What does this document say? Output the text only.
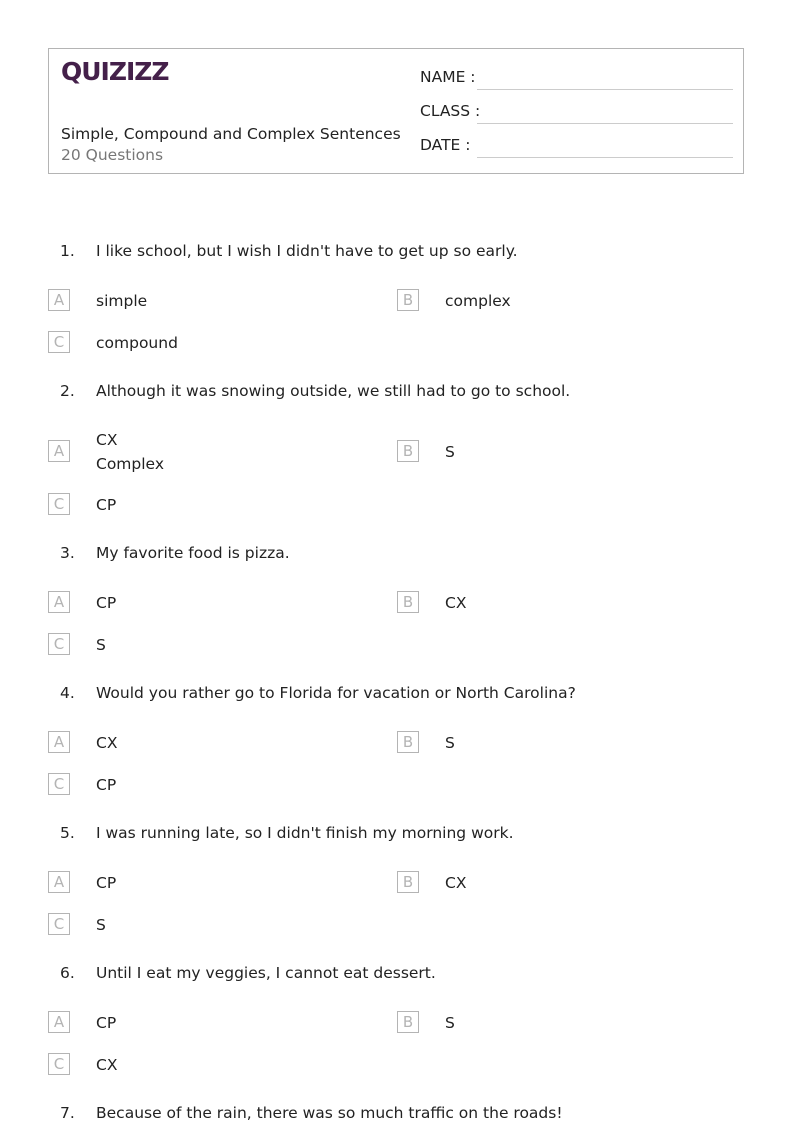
QUIZIZZ
Simple, Compound and Complex Sentences
20 Questions
NAME :
CLASS :
DATE :
1. I like school, but I wish I didn't have to get up so early.
A	simple	B	complex
C	compound
2. Although it was snowing outside, we still had to go to school.
A
CX
Complex
B	S
C	CP
3. My favorite food is pizza.
A	CP	B	CX
C	S
4. Would you rather go to Florida for vacation or North Carolina?
A	CX	B	S
C	CP
5. I was running late, so I didn't finish my morning work.
A	CP	B	CX
C	S
6. Until I eat my veggies, I cannot eat dessert.
A	CP	B	S
C	CX
7. Because of the rain, there was so much traffic on the roads!
